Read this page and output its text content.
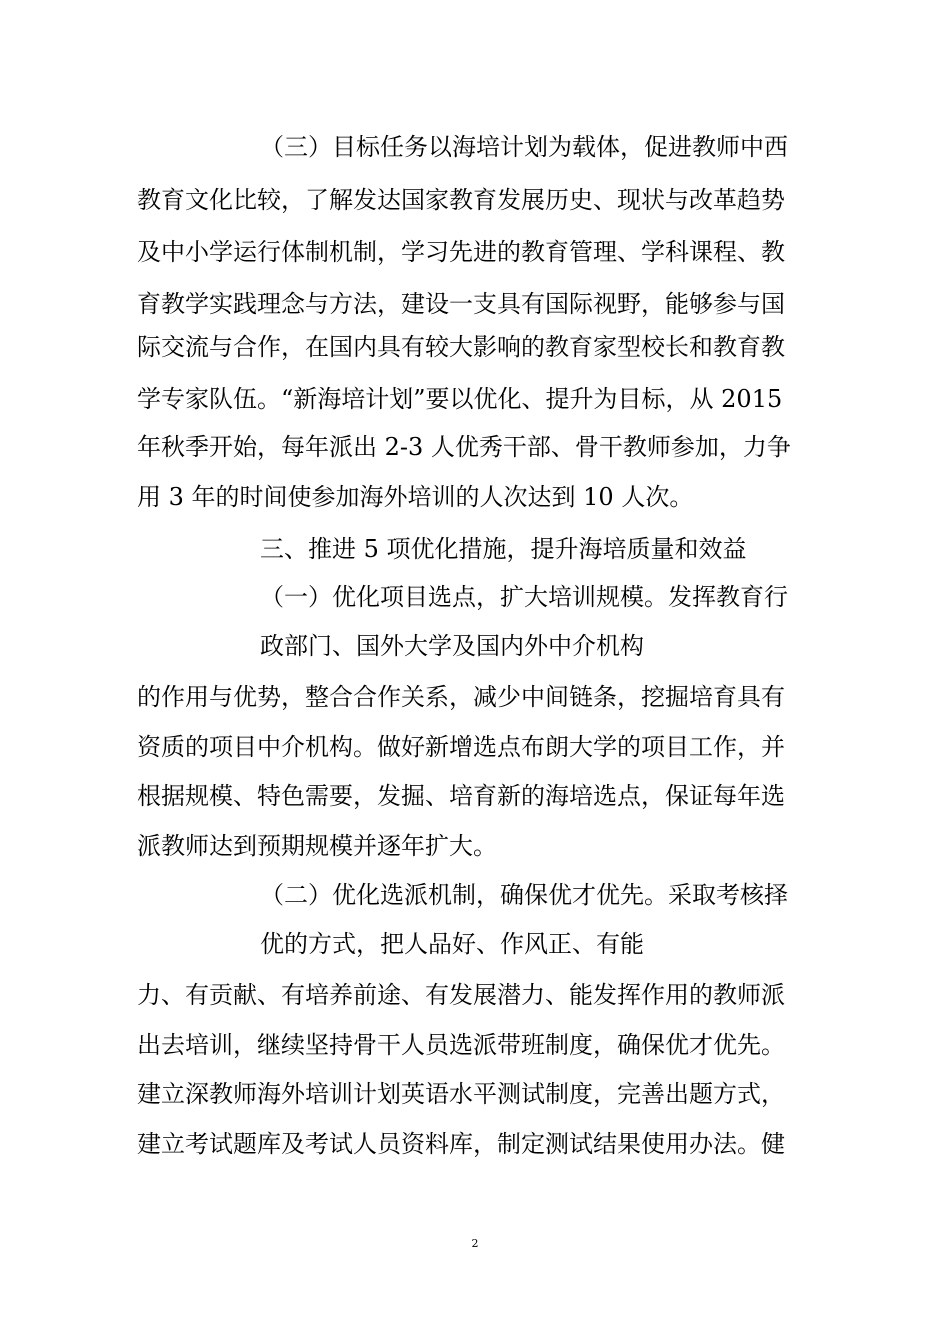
（三）目标任务以海培计划为载体，促进教师中西
教育文化比较，了解发达国家教育发展历史、现状与改革趋势
及中小学运行体制机制，学习先进的教育管理、学科课程、教
育教学实践理念与方法，建设一支具有国际视野，能够参与国
际交流与合作，在国内具有较大影响的教育家型校长和教育教
学专家队伍。“新海培计划”要以优化、提升为目标，从 2015
年秋季开始，每年派出 2-3 人优秀干部、骨干教师参加，力争
用 3 年的时间使参加海外培训的人次达到 10 人次。
三、推进 5 项优化措施，提升海培质量和效益
（一）优化项目选点，扩大培训规模。发挥教育行
政部门、国外大学及国内外中介机构
的作用与优势，整合合作关系，减少中间链条，挖掘培育具有
资质的项目中介机构。做好新增选点布朗大学的项目工作，并
根据规模、特色需要，发掘、培育新的海培选点，保证每年选
派教师达到预期规模并逐年扩大。
（二）优化选派机制，确保优才优先。采取考核择
优的方式，把人品好、作风正、有能
力、有贡献、有培养前途、有发展潜力、能发挥作用的教师派
出去培训，继续坚持骨干人员选派带班制度，确保优才优先。
建立深教师海外培训计划英语水平测试制度，完善出题方式，
建立考试题库及考试人员资料库，制定测试结果使用办法。健
2
